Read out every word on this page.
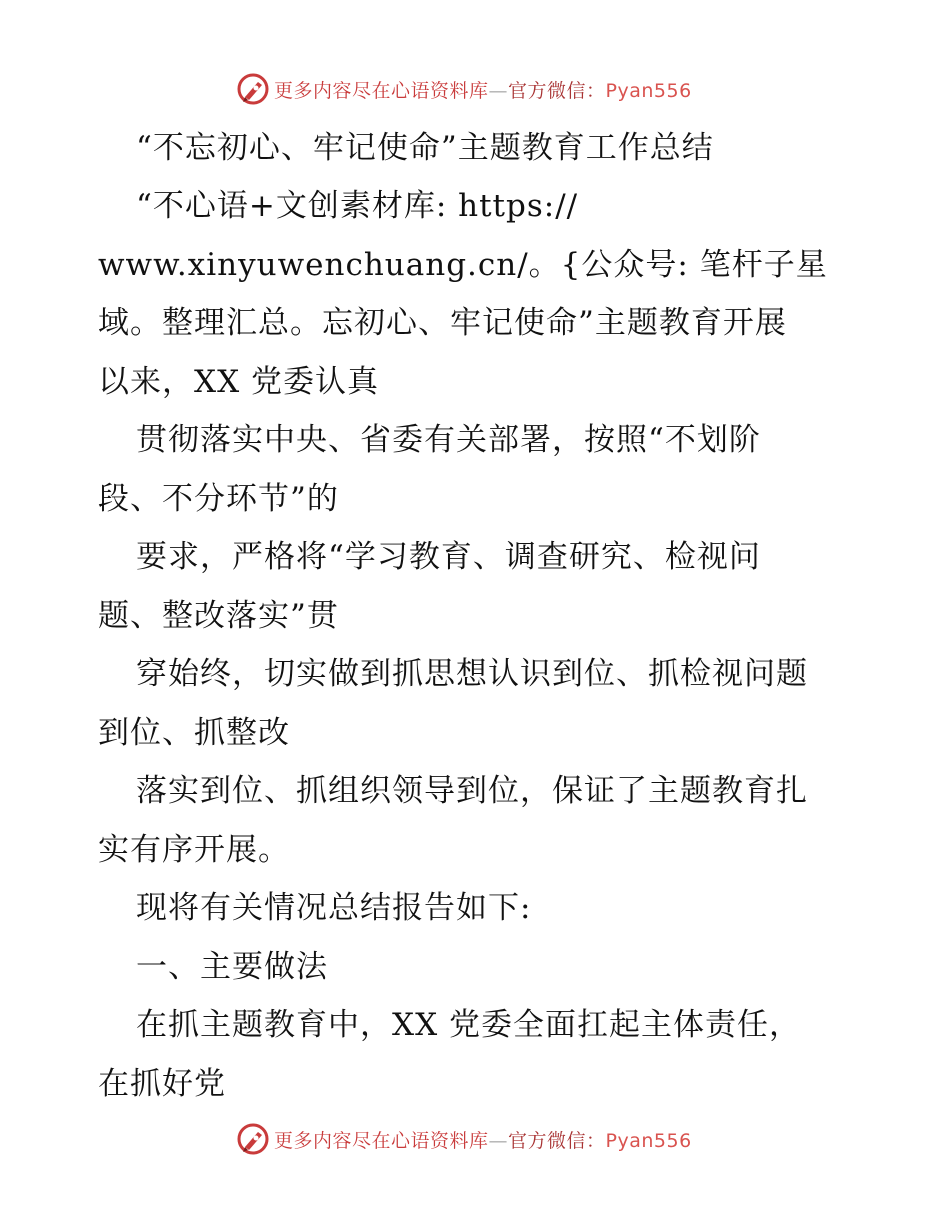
更多内容尽在心语资料库—官方微信：Pyan556
“不忘初心、牢记使命”主题教育工作总结
“不心语+文创素材库: https://
www.xinyuwenchuang.cn/。{公众号: 笔杆子星
域。整理汇总。忘初心、牢记使命”主题教育开展
以来，XX 党委认真
贯彻落实中央、省委有关部署，按照“不划阶
段、不分环节”的
要求，严格将“学习教育、调查研究、检视问
题、整改落实”贯
穿始终，切实做到抓思想认识到位、抓检视问题
到位、抓整改
落实到位、抓组织领导到位，保证了主题教育扎
实有序开展。
现将有关情况总结报告如下:
一、主要做法
在抓主题教育中，XX 党委全面扛起主体责任，
在抓好党
更多内容尽在心语资料库—官方微信：Pyan556
